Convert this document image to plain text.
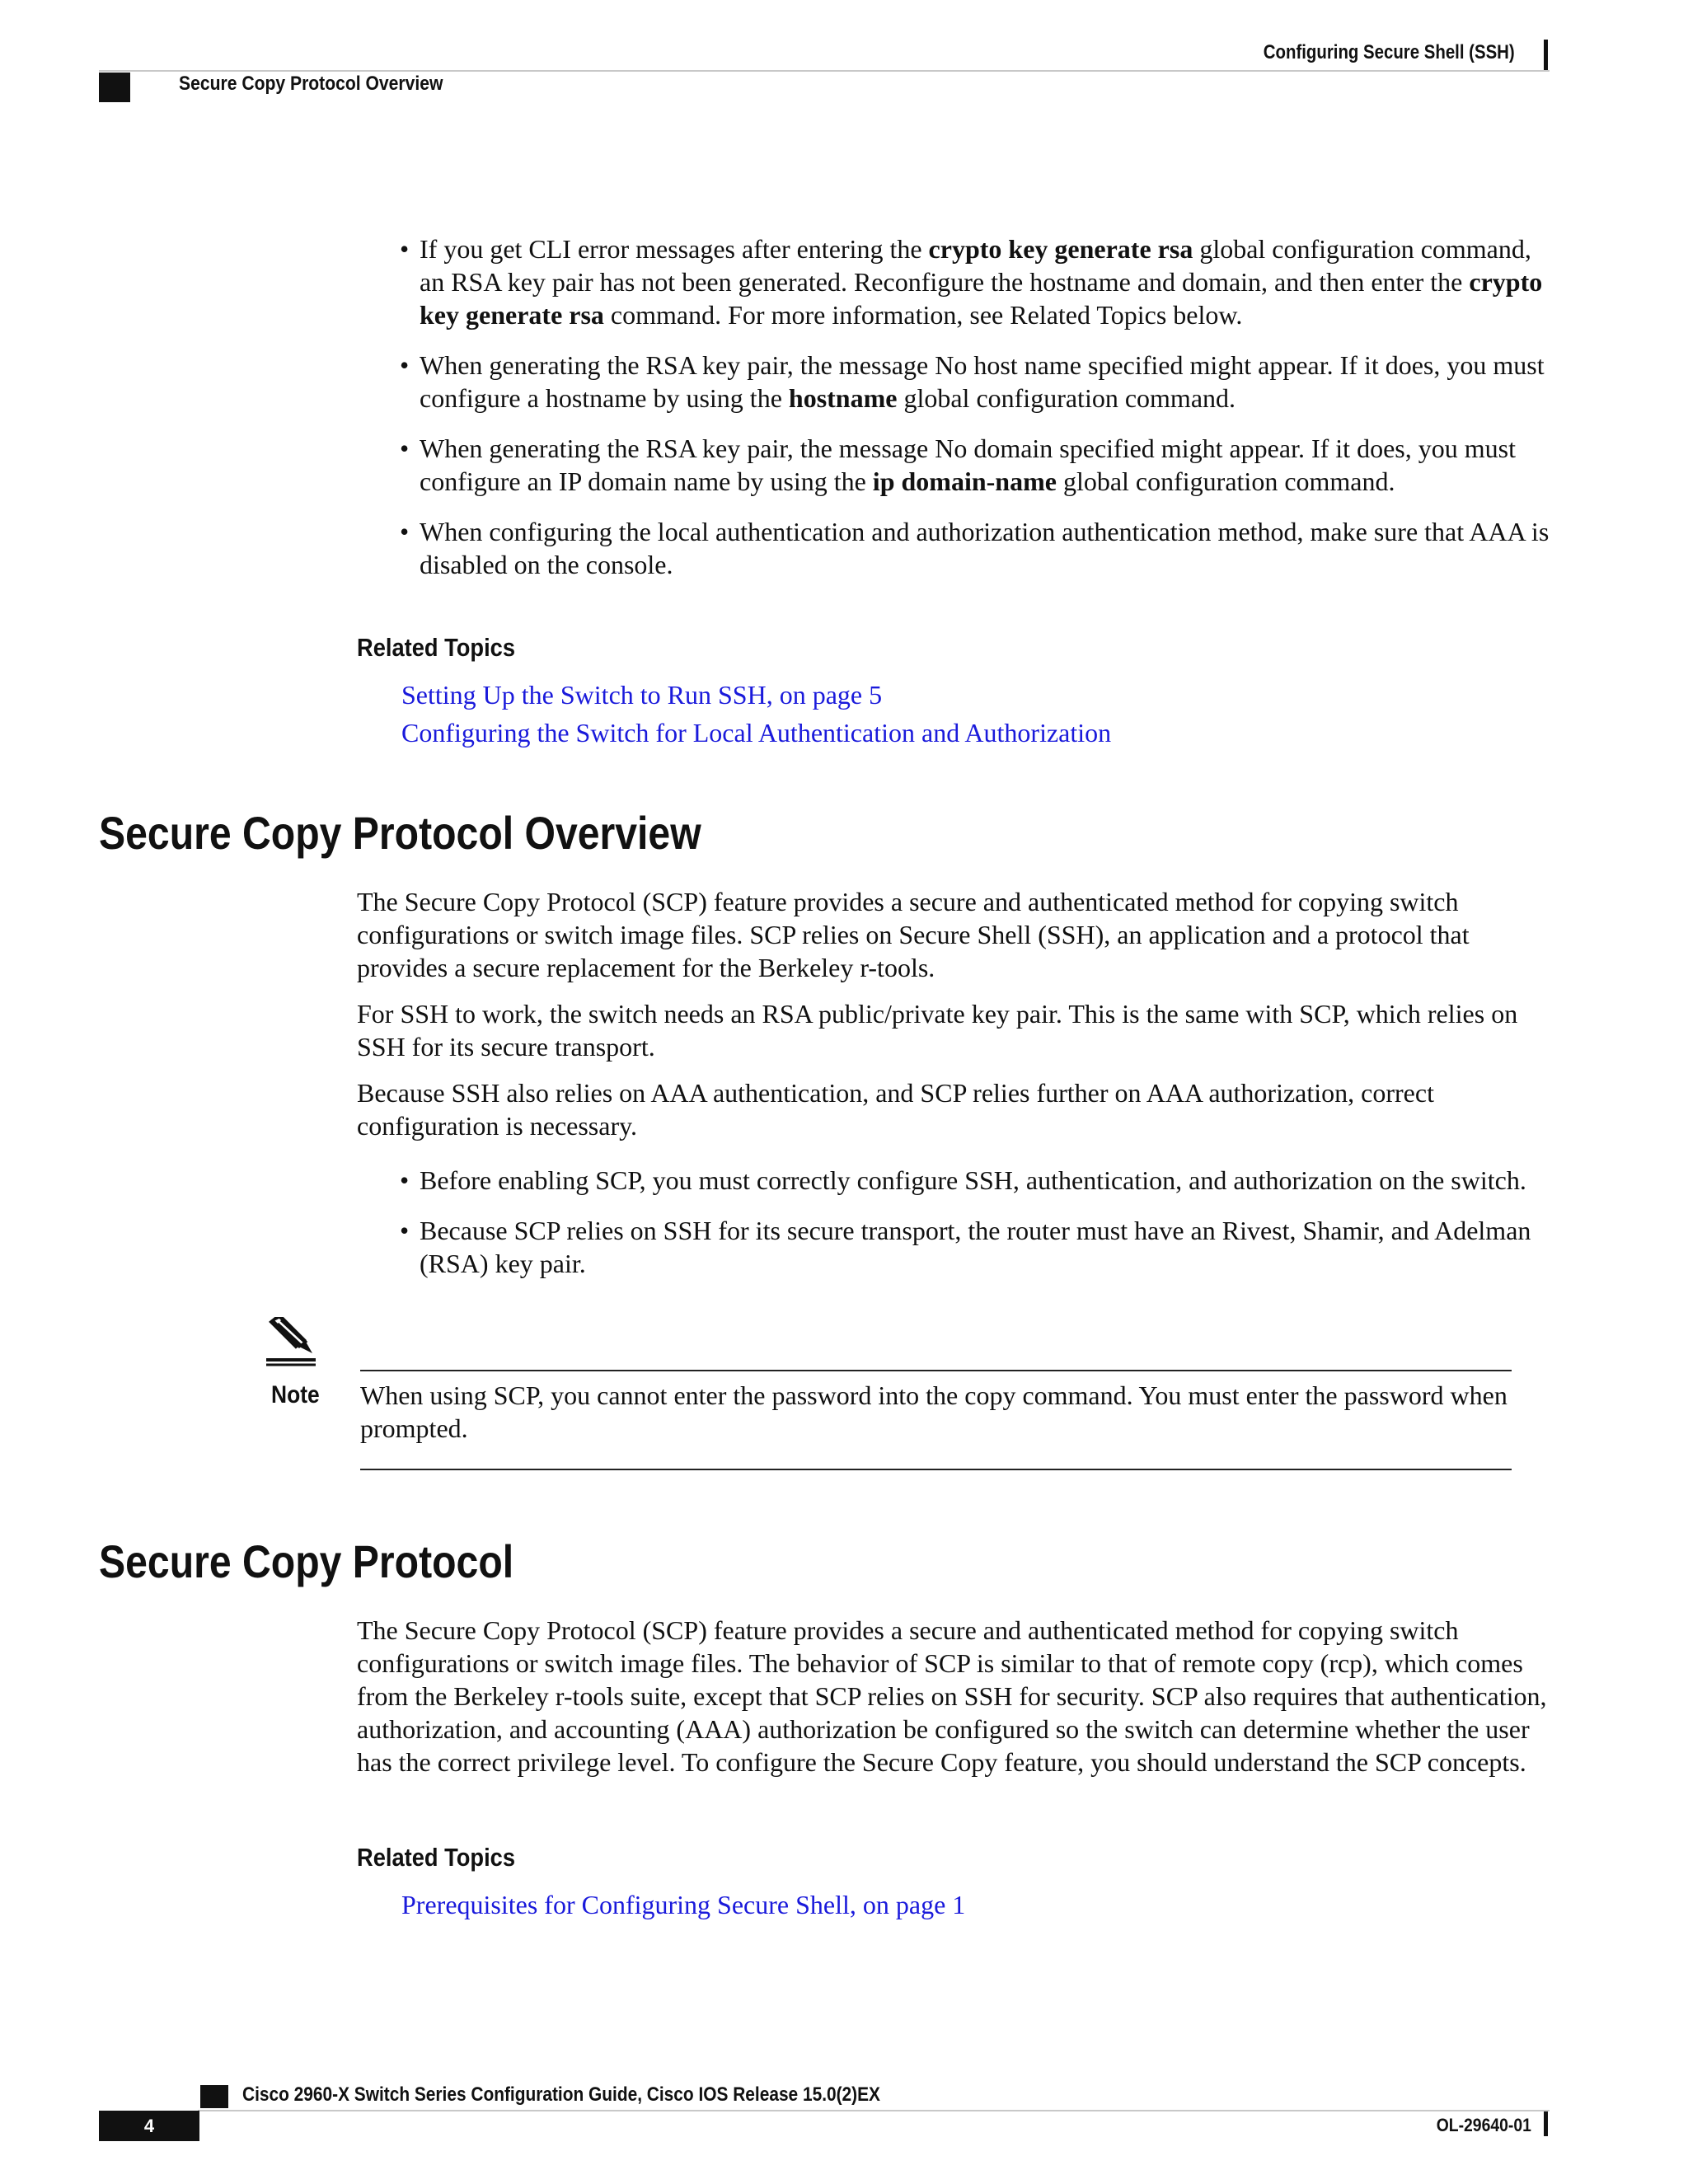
Configuring Secure Shell (SSH)
Secure Copy Protocol Overview
• If you get CLI error messages after entering the crypto key generate rsa global configuration command, an RSA key pair has not been generated. Reconfigure the hostname and domain, and then enter the crypto key generate rsa command. For more information, see Related Topics below.
• When generating the RSA key pair, the message No host name specified might appear. If it does, you must configure a hostname by using the hostname global configuration command.
• When generating the RSA key pair, the message No domain specified might appear. If it does, you must configure an IP domain name by using the ip domain-name global configuration command.
• When configuring the local authentication and authorization authentication method, make sure that AAA is disabled on the console.
Related Topics
Setting Up the Switch to Run SSH, on page 5
Configuring the Switch for Local Authentication and Authorization
Secure Copy Protocol Overview

The Secure Copy Protocol (SCP) feature provides a secure and authenticated method for copying switch configurations or switch image files. SCP relies on Secure Shell (SSH), an application and a protocol that provides a secure replacement for the Berkeley r-tools.

For SSH to work, the switch needs an RSA public/private key pair. This is the same with SCP, which relies on SSH for its secure transport.

Because SSH also relies on AAA authentication, and SCP relies further on AAA authorization, correct configuration is necessary.

• Before enabling SCP, you must correctly configure SSH, authentication, and authorization on the switch.
• Because SCP relies on SSH for its secure transport, the router must have an Rivest, Shamir, and Adelman (RSA) key pair.
Note When using SCP, you cannot enter the password into the copy command. You must enter the password when prompted.
Secure Copy Protocol

The Secure Copy Protocol (SCP) feature provides a secure and authenticated method for copying switch configurations or switch image files. The behavior of SCP is similar to that of remote copy (rcp), which comes from the Berkeley r-tools suite, except that SCP relies on SSH for security. SCP also requires that authentication, authorization, and accounting (AAA) authorization be configured so the switch can determine whether the user has the correct privilege level. To configure the Secure Copy feature, you should understand the SCP concepts.

Related Topics
Prerequisites for Configuring Secure Shell, on page 1
Cisco 2960-X Switch Series Configuration Guide, Cisco IOS Release 15.0(2)EX
4	OL-29640-01
